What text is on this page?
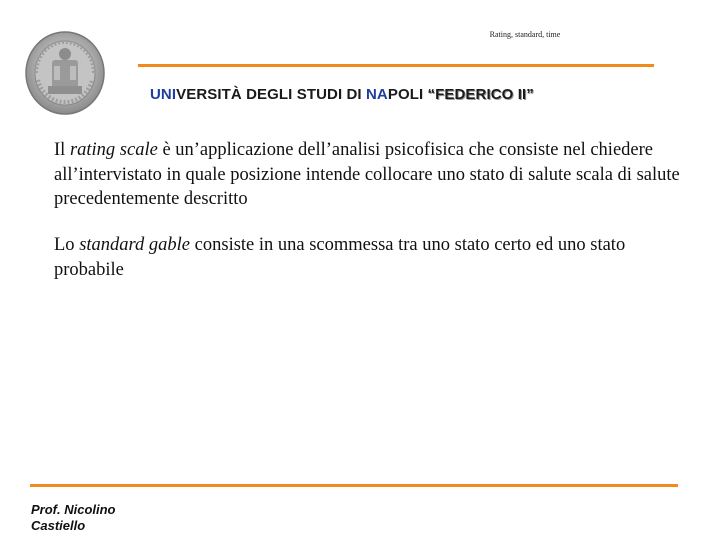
Rating, standard, time
UNIVERSITÀ DEGLI STUDI DI NAPOLI “FEDERICO II”
Il rating scale è un’applicazione dell’analisi psicofisica che consiste nel chiedere all’intervistato in quale posizione intende collocare uno stato di salute scala di salute precedentemente descritto
Lo standard gable consiste in una scommessa tra uno stato certo ed uno stato probabile
Prof. Nicolino
Castiello
